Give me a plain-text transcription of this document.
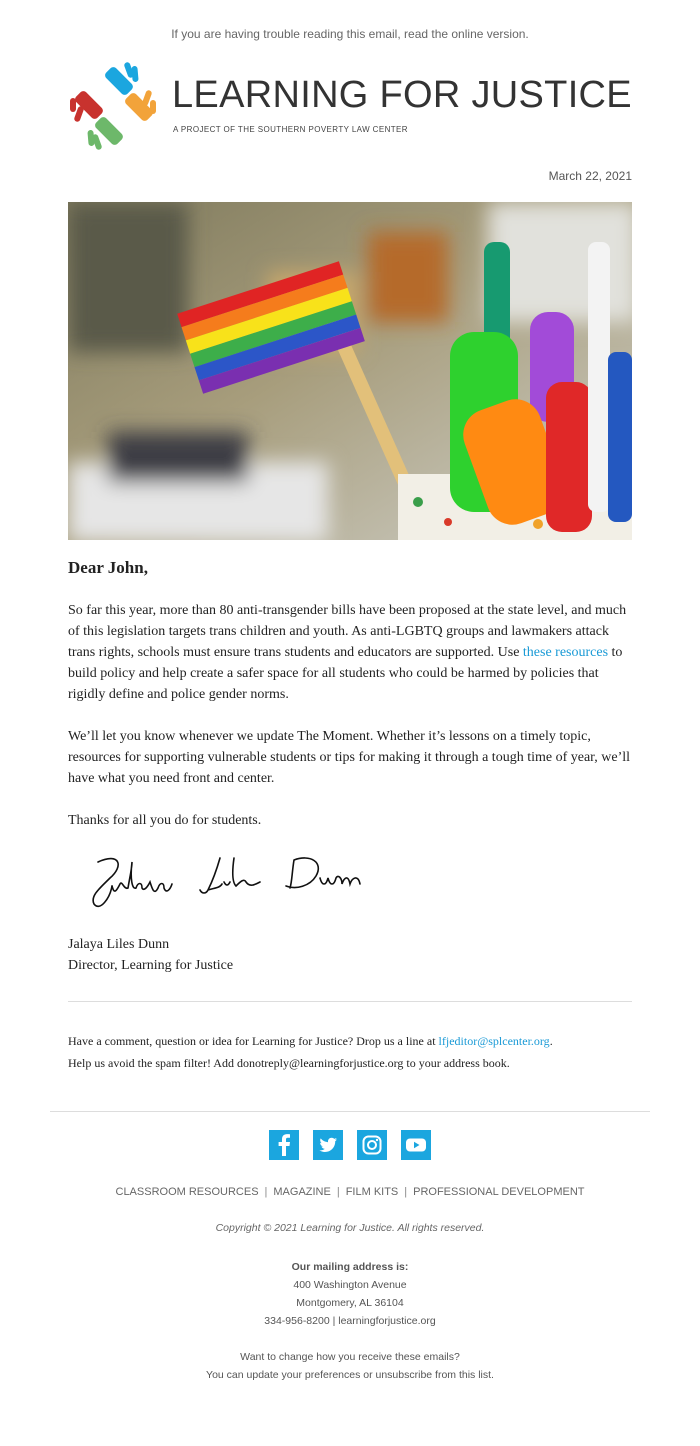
If you are having trouble reading this email, read the online version.
LEARNING FOR JUSTICE
A PROJECT OF THE SOUTHERN POVERTY LAW CENTER
March 22, 2021
Dear John,
So far this year, more than 80 anti-transgender bills have been proposed at the state level, and much of this legislation targets trans children and youth. As anti-LGBTQ groups and lawmakers attack trans rights, schools must ensure trans students and educators are supported. Use these resources to build policy and help create a safer space for all students who could be harmed by policies that rigidly define and police gender norms.
We’ll let you know whenever we update The Moment. Whether it’s lessons on a timely topic, resources for supporting vulnerable students or tips for making it through a tough time of year, we’ll have what you need front and center.
Thanks for all you do for students.
Jalaya Liles Dunn
Director, Learning for Justice
Have a comment, question or idea for Learning for Justice? Drop us a line at lfjeditor@splcenter.org.
Help us avoid the spam filter! Add donotreply@learningforjustice.org to your address book.

CLASSROOM RESOURCES | MAGAZINE | FILM KITS | PROFESSIONAL DEVELOPMENT
Copyright © 2021 Learning for Justice. All rights reserved.
Our mailing address is:
400 Washington Avenue
Montgomery, AL 36104
334-956-8200 | learningforjustice.org
Want to change how you receive these emails?
You can update your preferences or unsubscribe from this list.
